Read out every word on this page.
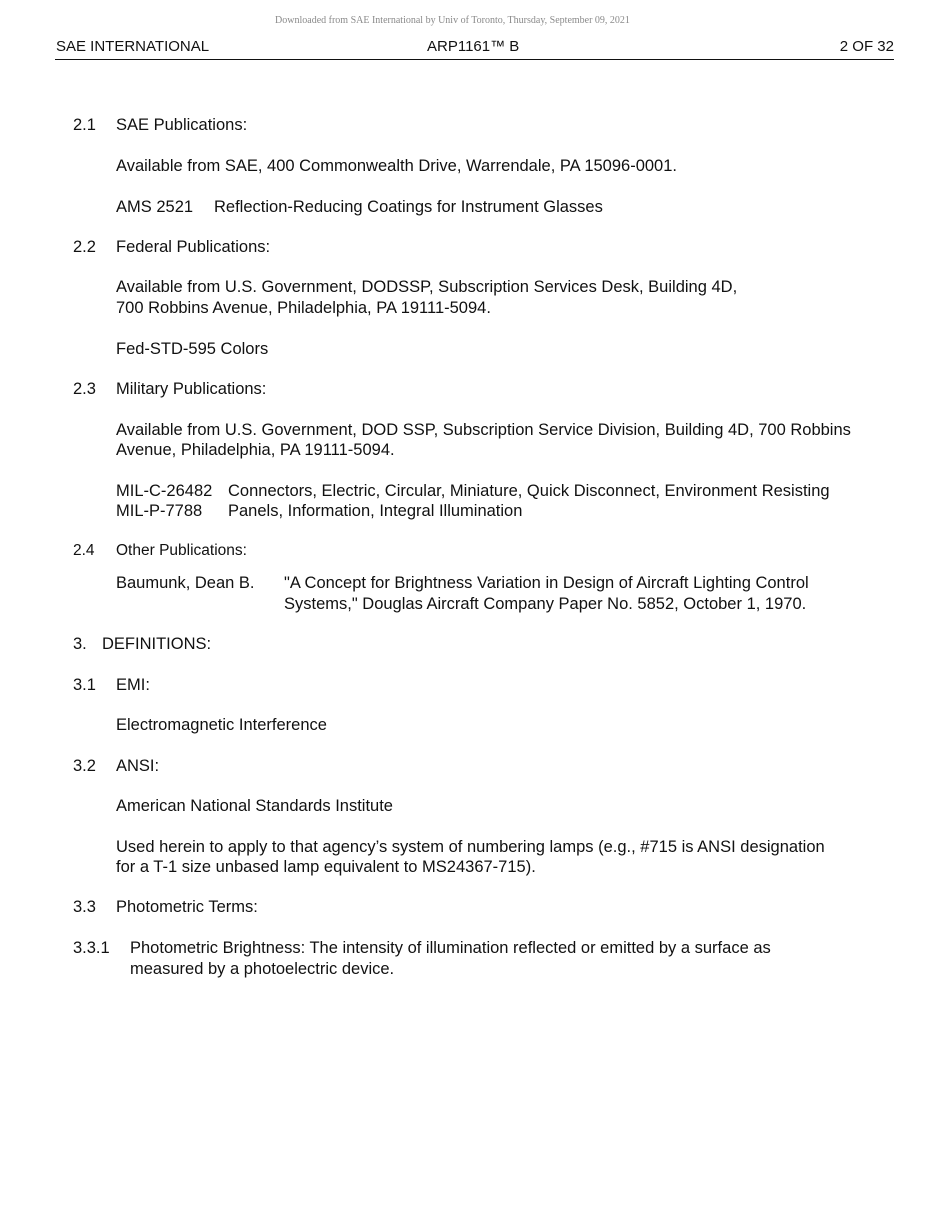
Downloaded from SAE International by Univ of Toronto, Thursday, September 09, 2021
SAE INTERNATIONAL	ARP1161™ B	2 OF 32
2.1 SAE Publications:
Available from SAE, 400 Commonwealth Drive, Warrendale, PA 15096-0001.
AMS 2521 Reflection-Reducing Coatings for Instrument Glasses
2.2 Federal Publications:
Available from U.S. Government, DODSSP, Subscription Services Desk, Building 4D,
700 Robbins Avenue, Philadelphia, PA 19111-5094.
Fed-STD-595 Colors
2.3 Military Publications:
Available from U.S. Government, DOD SSP, Subscription Service Division, Building 4D, 700 Robbins
Avenue, Philadelphia, PA 19111-5094.
MIL-C-26482 Connectors, Electric, Circular, Miniature, Quick Disconnect, Environment Resisting
MIL-P-7788 Panels, Information, Integral Illumination
2.4 Other Publications:
Baumunk, Dean B. "A Concept for Brightness Variation in Design of Aircraft Lighting Control
Systems," Douglas Aircraft Company Paper No. 5852, October 1, 1970.
3. DEFINITIONS:
3.1 EMI:
Electromagnetic Interference
3.2 ANSI:
American National Standards Institute
Used herein to apply to that agency’s system of numbering lamps (e.g., #715 is ANSI designation
for a T-1 size unbased lamp equivalent to MS24367-715).
3.3 Photometric Terms:
3.3.1 Photometric Brightness: The intensity of illumination reflected or emitted by a surface as
measured by a photoelectric device.
